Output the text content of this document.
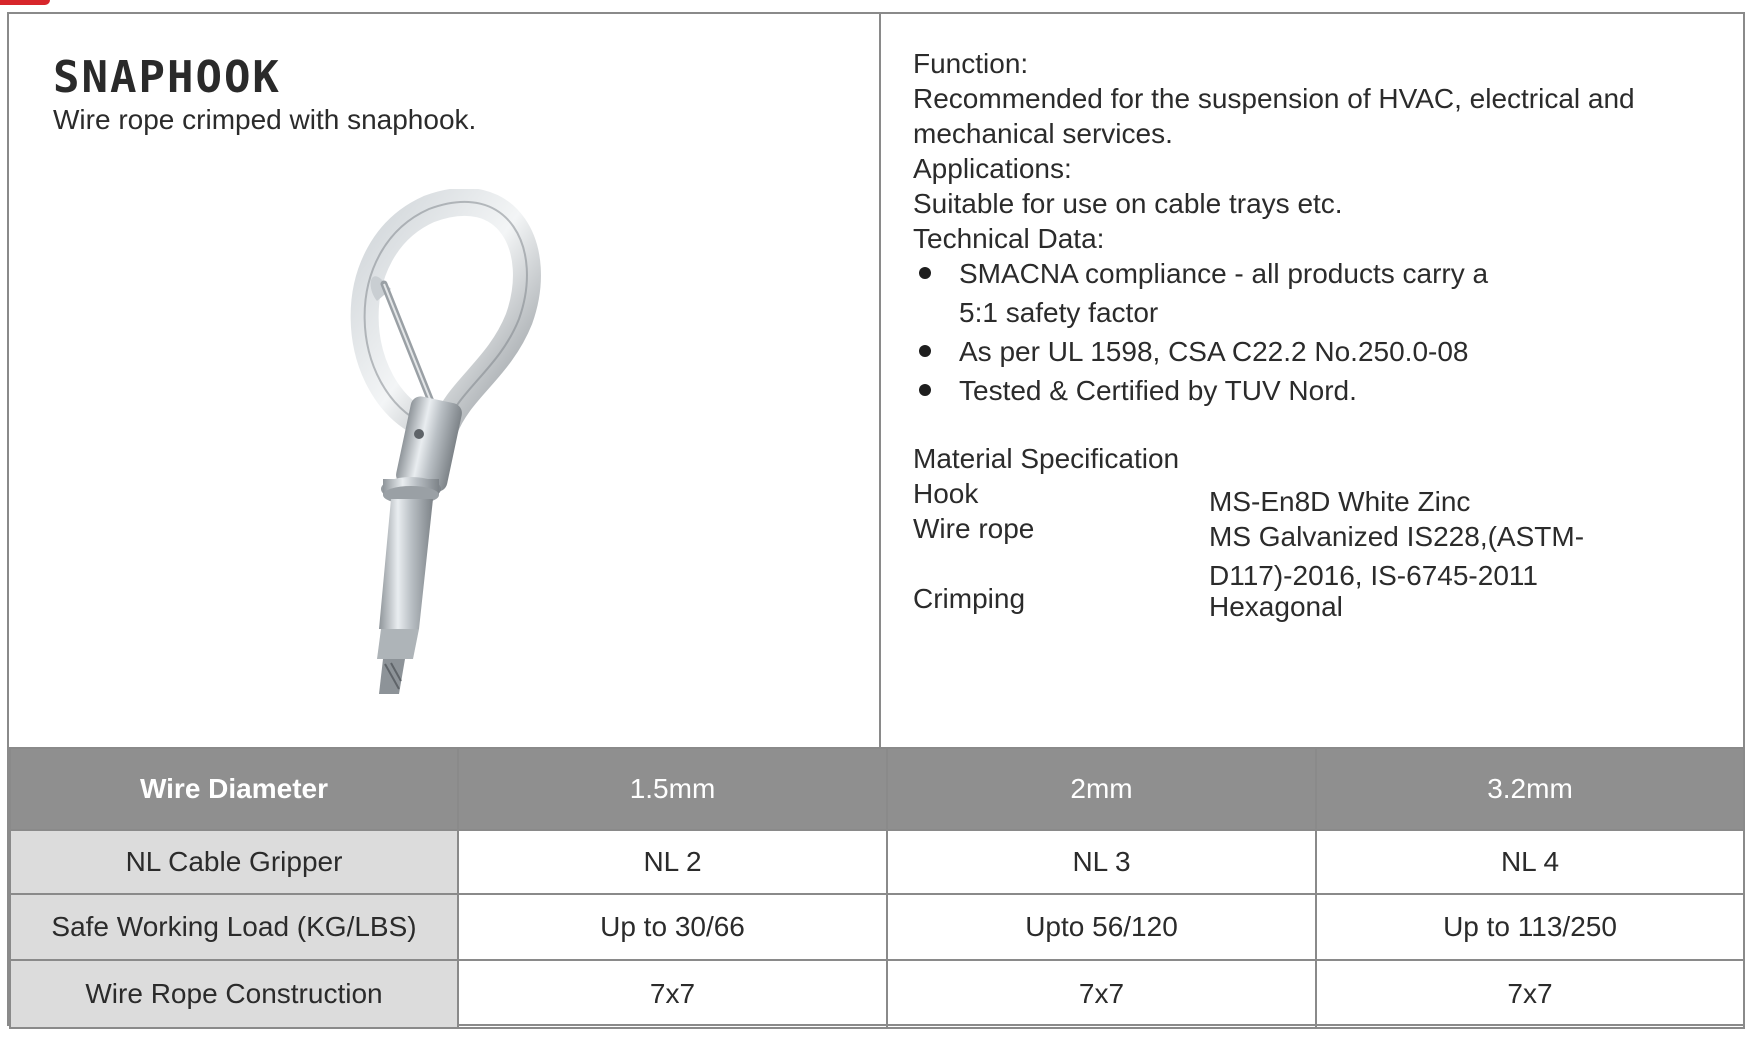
SNAPHOOK
Wire rope crimped with snaphook.
Function:
Recommended for the suspension of HVAC, electrical and
mechanical services.
Applications:
Suitable for use on cable trays etc.
Technical Data:
SMACNA compliance - all products carry a 5:1 safety factor
As per UL 1598, CSA C22.2 No.250.0-08
Tested & Certified by TUV Nord.
Material Specification
Hook	MS-En8D White Zinc
Wire rope	MS Galvanized IS228,(ASTM-D117)-2016, IS-6745-2011
Crimping	Hexagonal
Wire Diameter	1.5mm	2mm	3.2mm
NL Cable Gripper	NL 2	NL 3	NL 4
Safe Working Load (KG/LBS)	Up to 30/66	Upto 56/120	Up to 113/250
Wire Rope Construction	7x7	7x7	7x7
